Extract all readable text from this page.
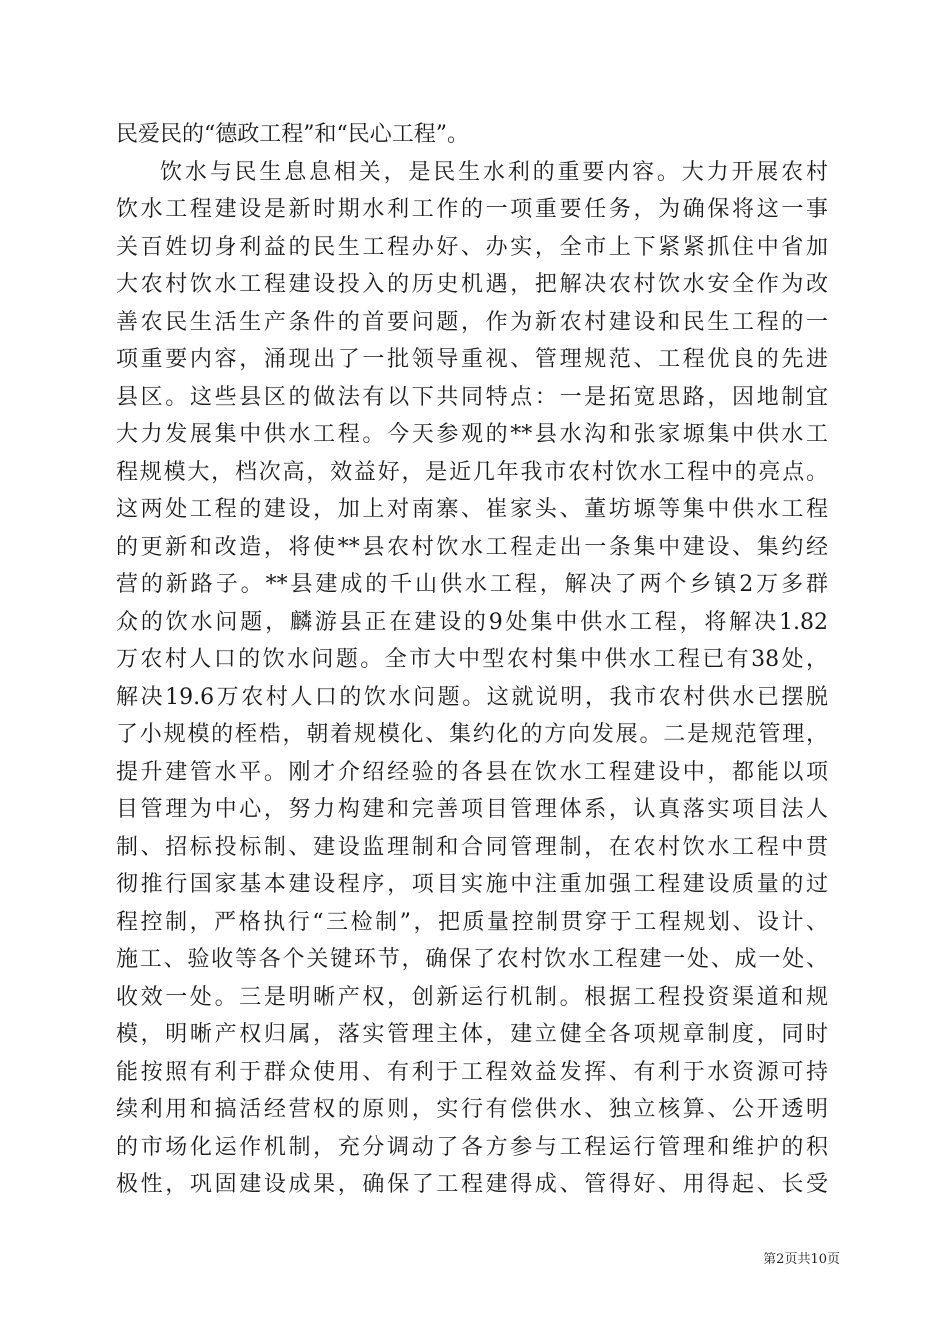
民爱民的“德政工程”和“民心工程”。
饮水与民生息息相关，是民生水利的重要内容。大力开展农村
饮水工程建设是新时期水利工作的一项重要任务，为确保将这一事
关百姓切身利益的民生工程办好、办实，全市上下紧紧抓住中省加
大农村饮水工程建设投入的历史机遇，把解决农村饮水安全作为改
善农民生活生产条件的首要问题，作为新农村建设和民生工程的一
项重要内容，涌现出了一批领导重视、管理规范、工程优良的先进
县区。这些县区的做法有以下共同特点：一是拓宽思路，因地制宜
大力发展集中供水工程。今天参观的**县水沟和张家塬集中供水工
程规模大，档次高，效益好，是近几年我市农村饮水工程中的亮点。
这两处工程的建设，加上对南寨、崔家头、董坊塬等集中供水工程
的更新和改造，将使**县农村饮水工程走出一条集中建设、集约经
营的新路子。**县建成的千山供水工程，解决了两个乡镇2万多群
众的饮水问题，麟游县正在建设的9处集中供水工程，将解决1.82
万农村人口的饮水问题。全市大中型农村集中供水工程已有38处，
解决19.6万农村人口的饮水问题。这就说明，我市农村供水已摆脱
了小规模的桎梏，朝着规模化、集约化的方向发展。二是规范管理，
提升建管水平。刚才介绍经验的各县在饮水工程建设中，都能以项
目管理为中心，努力构建和完善项目管理体系，认真落实项目法人
制、招标投标制、建设监理制和合同管理制，在农村饮水工程中贯
彻推行国家基本建设程序，项目实施中注重加强工程建设质量的过
程控制，严格执行“三检制”，把质量控制贯穿于工程规划、设计、
施工、验收等各个关键环节，确保了农村饮水工程建一处、成一处、
收效一处。三是明晰产权，创新运行机制。根据工程投资渠道和规
模，明晰产权归属，落实管理主体，建立健全各项规章制度，同时
能按照有利于群众使用、有利于工程效益发挥、有利于水资源可持
续利用和搞活经营权的原则，实行有偿供水、独立核算、公开透明
的市场化运作机制，充分调动了各方参与工程运行管理和维护的积
极性，巩固建设成果，确保了工程建得成、管得好、用得起、长受
第2页共10页
